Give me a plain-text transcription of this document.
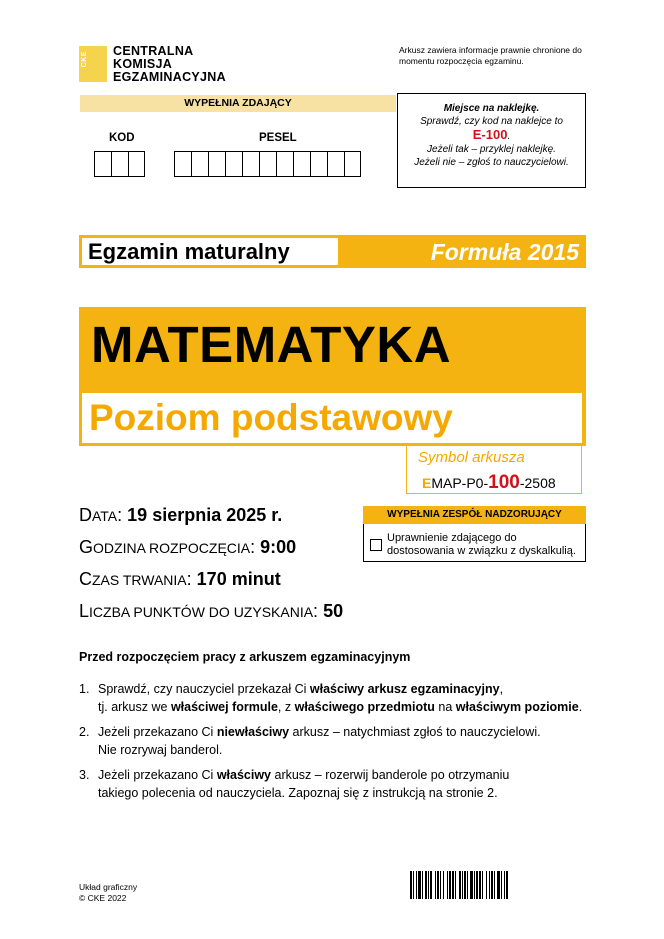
CKE CENTRALNA
KOMISJA
EGZAMINACYJNA
Arkusz zawiera informacje prawnie chronione do momentu rozpoczęcia egzaminu.
WYPEŁNIA ZDAJĄCY
KOD	PESEL
Miejsce na naklejkę.
Sprawdź, czy kod na naklejce to
E-100.
Jeżeli tak – przyklej naklejkę.
Jeżeli nie – zgłoś to nauczycielowi.
Egzamin maturalny	Formuła 2015
MATEMATYKA
Poziom podstawowy
Symbol arkusza
EMAP-P0-100-2508
DATA: 19 sierpnia 2025 r.
GODZINA ROZPOCZĘCIA: 9:00
CZAS TRWANIA: 170 minut
LICZBA PUNKTÓW DO UZYSKANIA: 50
WYPEŁNIA ZESPÓŁ NADZORUJĄCY
Uprawnienie zdającego do
dostosowania w związku z dyskalkulią.
Przed rozpoczęciem pracy z arkuszem egzaminacyjnym
1. Sprawdź, czy nauczyciel przekazał Ci właściwy arkusz egzaminacyjny,
tj. arkusz we właściwej formule, z właściwego przedmiotu na właściwym poziomie.
2. Jeżeli przekazano Ci niewłaściwy arkusz – natychmiast zgłoś to nauczycielowi.
Nie rozrywaj banderol.
3. Jeżeli przekazano Ci właściwy arkusz – rozerwij banderole po otrzymaniu
takiego polecenia od nauczyciela. Zapoznaj się z instrukcją na stronie 2.
Układ graficzny
© CKE 2022
